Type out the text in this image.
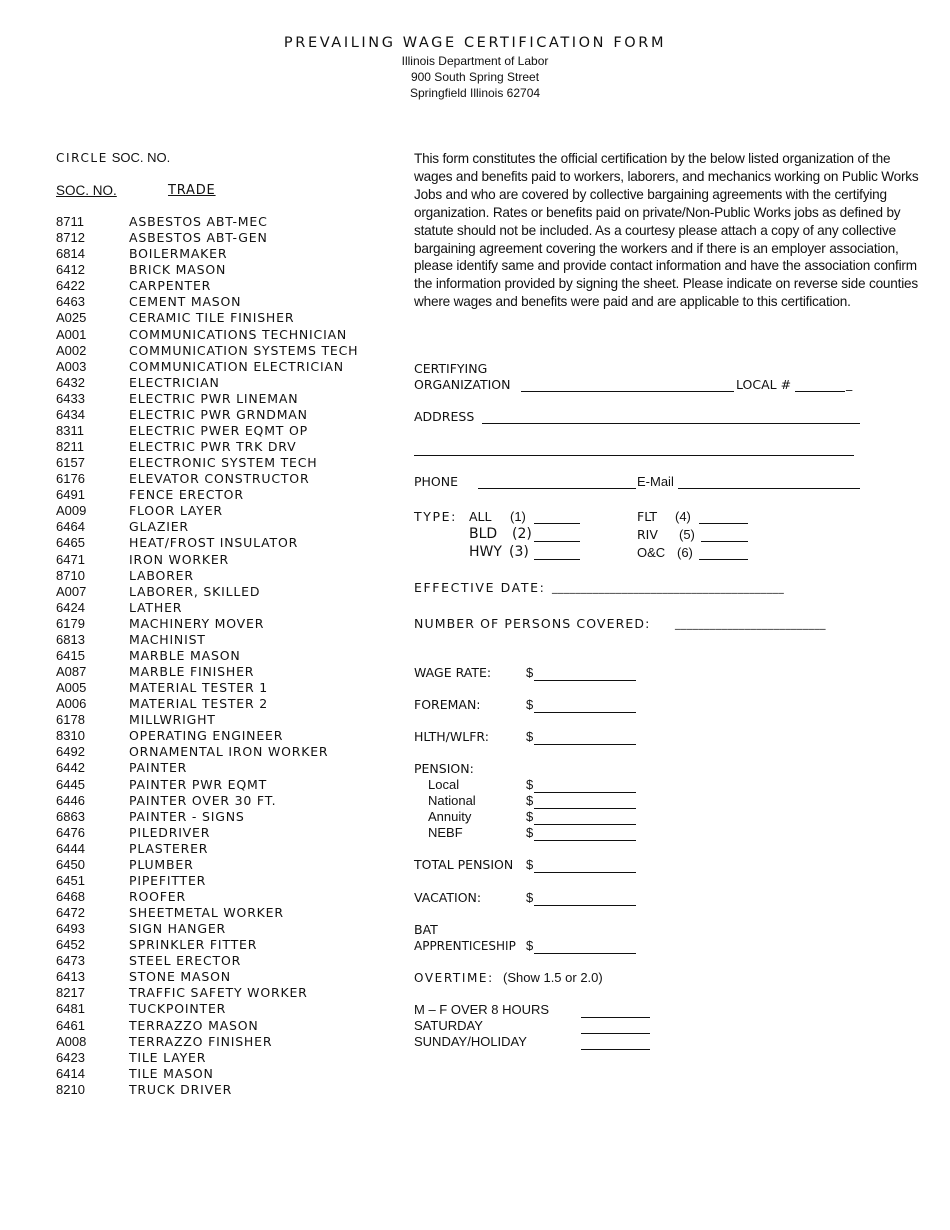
PREVAILING WAGE CERTIFICATION FORM
Illinois Department of Labor
900 South Spring Street
Springfield Illinois 62704
CIRCLE SOC. NO.
SOC. NO.	TRADE
8711	ASBESTOS ABT-MEC
8712	ASBESTOS ABT-GEN
6814	BOILERMAKER
6412	BRICK MASON
6422	CARPENTER
6463	CEMENT MASON
A025	CERAMIC TILE FINISHER
A001	COMMUNICATIONS TECHNICIAN
A002	COMMUNICATION SYSTEMS TECH
A003	COMMUNICATION ELECTRICIAN
6432	ELECTRICIAN
6433	ELECTRIC PWR LINEMAN
6434	ELECTRIC PWR GRNDMAN
8311	ELECTRIC PWER EQMT OP
8211	ELECTRIC PWR TRK DRV
6157	ELECTRONIC SYSTEM TECH
6176	ELEVATOR CONSTRUCTOR
6491	FENCE ERECTOR
A009	FLOOR LAYER
6464	GLAZIER
6465	HEAT/FROST INSULATOR
6471	IRON WORKER
8710	LABORER
A007	LABORER, SKILLED
6424	LATHER
6179	MACHINERY MOVER
6813	MACHINIST
6415	MARBLE MASON
A087	MARBLE FINISHER
A005	MATERIAL TESTER 1
A006	MATERIAL TESTER 2
6178	MILLWRIGHT
8310	OPERATING ENGINEER
6492	ORNAMENTAL IRON WORKER
6442	PAINTER
6445	PAINTER PWR EQMT
6446	PAINTER OVER 30 FT.
6863	PAINTER - SIGNS
6476	PILEDRIVER
6444	PLASTERER
6450	PLUMBER
6451	PIPEFITTER
6468	ROOFER
6472	SHEETMETAL WORKER
6493	SIGN HANGER
6452	SPRINKLER FITTER
6473	STEEL ERECTOR
6413	STONE MASON
8217	TRAFFIC SAFETY WORKER
6481	TUCKPOINTER
6461	TERRAZZO MASON
A008	TERRAZZO FINISHER
6423	TILE LAYER
6414	TILE MASON
8210	TRUCK DRIVER
This form constitutes the official certification by the below listed organization of the wages and benefits paid to workers, laborers, and mechanics working on Public Works Jobs and who are covered by collective bargaining agreements with the certifying organization. Rates or benefits paid on private/Non-Public Works jobs as defined by statute should not be included. As a courtesy please attach a copy of any collective bargaining agreement covering the workers and if there is an employer association, please identify same and provide contact information and have the association confirm the information provided by signing the sheet. Please indicate on reverse side counties where wages and benefits were paid and are applicable to this certification.
CERTIFYING
ORGANIZATION	LOCAL #	_
ADDRESS
PHONE	E-Mail
TYPE: ALL (1)
BLD (2)
HWY (3)
FLT (4)
RIV (5)
O&C (6)
EFFECTIVE DATE: ________________________________________
NUMBER OF PERSONS COVERED: __________________________
WAGE RATE:	$
FOREMAN:	$
HLTH/WLFR:	$
PENSION:
Local	$
National	$
Annuity	$
NEBF	$
TOTAL PENSION $
VACATION:	$
BAT
APPRENTICESHIP $
OVERTIME: (Show 1.5 or 2.0)
M – F OVER 8 HOURS
SATURDAY
SUNDAY/HOLIDAY
